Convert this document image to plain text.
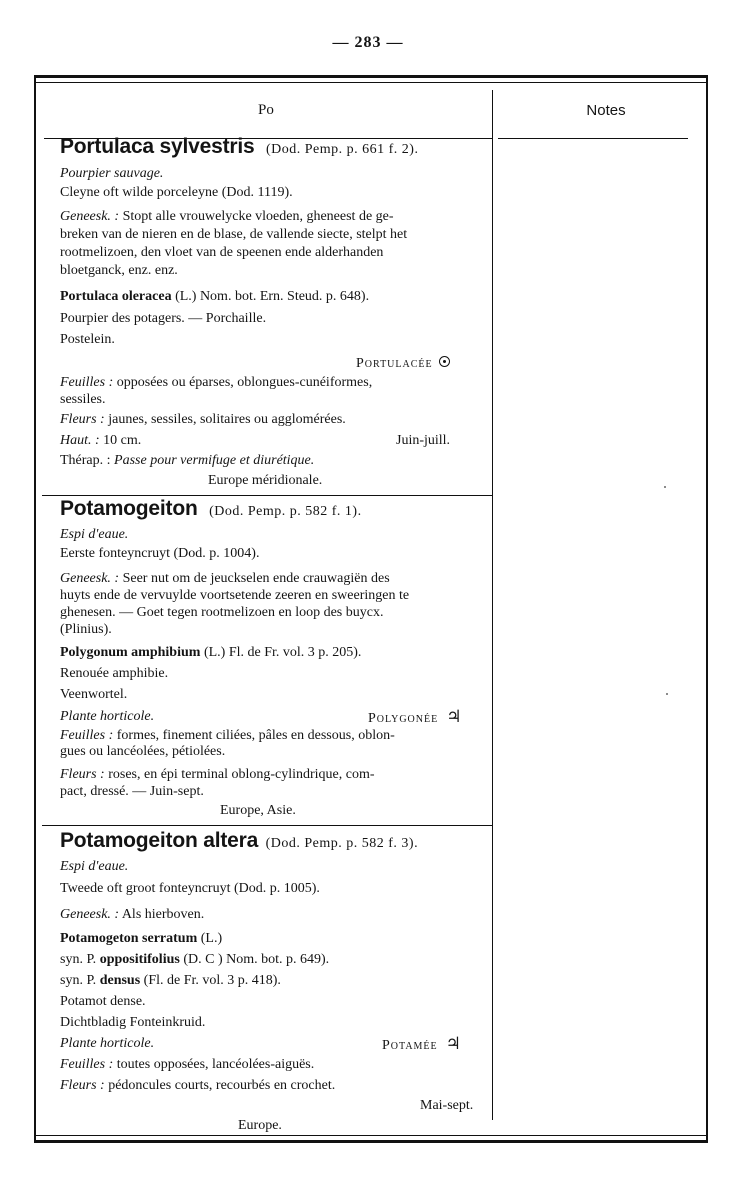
— 283 —
Po	Notes
Portulaca sylvestris (Dod. Pemp. p. 661 f. 2).
Pourpier sauvage.
Cleyne oft wilde porceleyne (Dod. 1119).
Geneesk. : Stopt alle vrouwelycke vloeden, gheneest de ge-
breken van de nieren en de blase, de vallende siecte, stelpt het
rootmelizoen, den vloet van de speenen ende alderhanden
bloetganck, enz. enz.
Portulaca oleracea (L.) Nom. bot. Ern. Steud. p. 648).
Pourpier des potagers. — Porchaille.
Postelein.
Portulacée
Feuilles : opposées ou éparses, oblongues-cunéiformes,
sessiles.
Fleurs : jaunes, sessiles, solitaires ou agglomérées.
Haut. : 10 cm.	Juin-juill.
Thérap. : Passe pour vermifuge et diurétique.
Europe méridionale.
Potamogeiton (Dod. Pemp. p. 582 f. 1).
Espi d'eaue.
Eerste fonteyncruyt (Dod. p. 1004).
Geneesk. : Seer nut om de jeuckselen ende crauwagiën des
huyts ende de vervuylde voortsetende zeeren en sweeringen te
ghenesen. — Goet tegen rootmelizoen en loop des buycx.
(Plinius).
Polygonum amphibium (L.) Fl. de Fr. vol. 3 p. 205).
Renouée amphibie.
Veenwortel.
Plante horticole.	Polygonée ♃
Feuilles : formes, finement ciliées, pâles en dessous, oblon-
gues ou lancéolées, pétiolées.
Fleurs : roses, en épi terminal oblong-cylindrique, com-
pact, dressé. — Juin-sept.
Europe, Asie.
Potamogeiton altera (Dod. Pemp. p. 582 f. 3).
Espi d'eaue.
Tweede oft groot fonteyncruyt (Dod. p. 1005).
Geneesk. : Als hierboven.
Potamogeton serratum (L.)
syn. P. oppositifolius (D. C ) Nom. bot. p. 649).
syn. P. densus (Fl. de Fr. vol. 3 p. 418).
Potamot dense.
Dichtbladig Fonteinkruid.
Plante horticole.	Potamée ♃
Feuilles : toutes opposées, lancéolées-aiguës.
Fleurs : pédoncules courts, recourbés en crochet.
Mai-sept.
Europe.
